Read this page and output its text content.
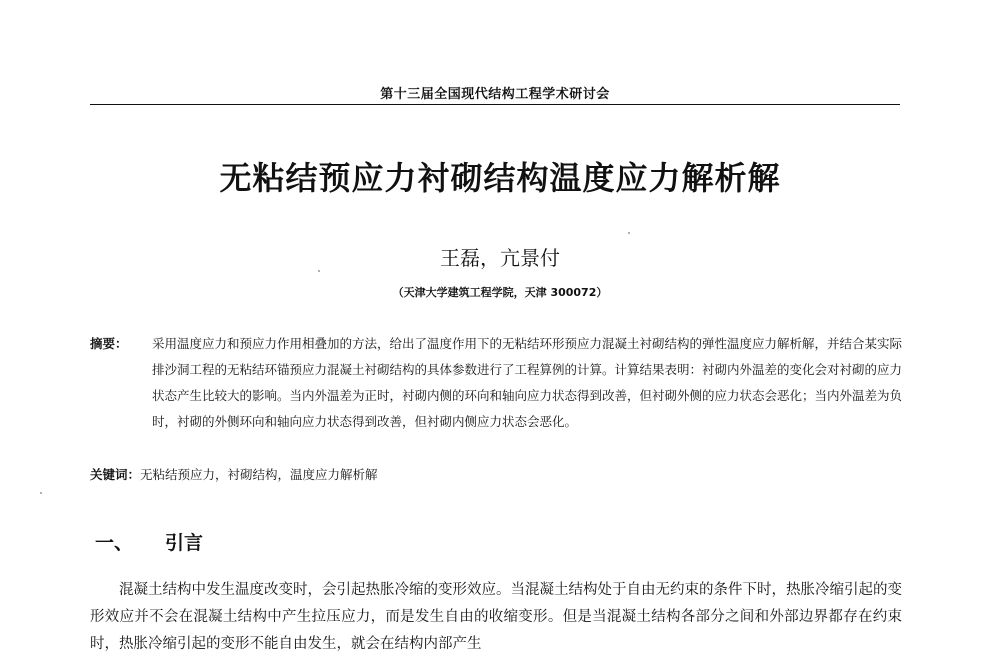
第十三届全国现代结构工程学术研讨会
无粘结预应力衬砌结构温度应力解析解
王磊，亢景付
（天津大学建筑工程学院，天津 300072）
摘要： 采用温度应力和预应力作用相叠加的方法，给出了温度作用下的无粘结环形预应力混凝土衬砌结构的弹性温度应力解析解，并结合某实际排沙洞工程的无粘结环锚预应力混凝土衬砌结构的具体参数进行了工程算例的计算。计算结果表明：衬砌内外温差的变化会对衬砌的应力状态产生比较大的影响。当内外温差为正时，衬砌内侧的环向和轴向应力状态得到改善，但衬砌外侧的应力状态会恶化；当内外温差为负时，衬砌的外侧环向和轴向应力状态得到改善，但衬砌内侧应力状态会恶化。
关键词：无粘结预应力，衬砌结构，温度应力解析解
一、 引言
混凝土结构中发生温度改变时，会引起热胀冷缩的变形效应。当混凝土结构处于自由无约束的条件下时，热胀冷缩引起的变形效应并不会在混凝土结构中产生拉压应力，而是发生自由的收缩变形。但是当混凝土结构各部分之间和外部边界都存在约束时，热胀冷缩引起的变形不能自由发生，就会在结构内部产生
